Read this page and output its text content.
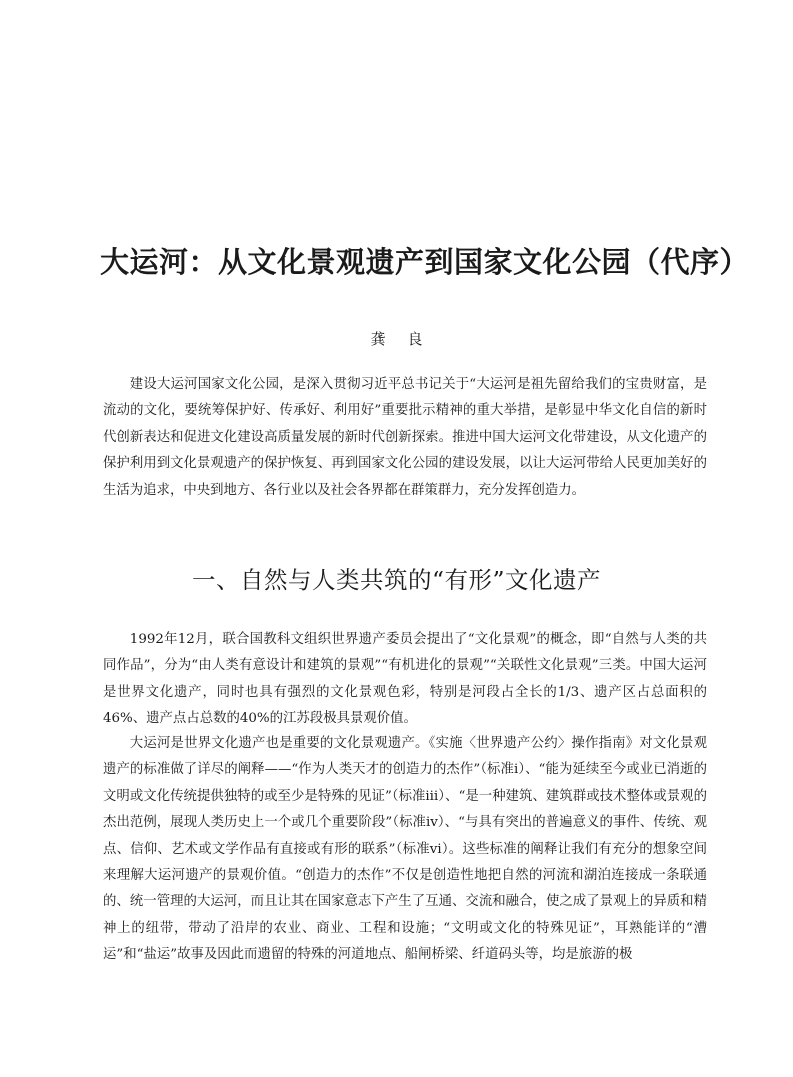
大运河：从文化景观遗产到国家文化公园（代序）
龚良

建设大运河国家文化公园，是深入贯彻习近平总书记关于“大运河是祖先留给我们的宝贵财富，是流动的文化，要统筹保护好、传承好、利用好”重要批示精神的重大举措，是彰显中华文化自信的新时代创新表达和促进文化建设高质量发展的新时代创新探索。推进中国大运河文化带建设，从文化遗产的保护利用到文化景观遗产的保护恢复、再到国家文化公园的建设发展，以让大运河带给人民更加美好的生活为追求，中央到地方、各行业以及社会各界都在群策群力，充分发挥创造力。

一、自然与人类共筑的“有形”文化遗产

1992年12月，联合国教科文组织世界遗产委员会提出了“文化景观”的概念，即“自然与人类的共同作品”，分为“由人类有意设计和建筑的景观”“有机进化的景观”“关联性文化景观”三类。中国大运河是世界文化遗产，同时也具有强烈的文化景观色彩，特别是河段占全长的1/3、遗产区占总面积的46%、遗产点占总数的40%的江苏段极具景观价值。

大运河是世界文化遗产也是重要的文化景观遗产。《实施〈世界遗产公约〉操作指南》对文化景观遗产的标准做了详尽的阐释——“作为人类天才的创造力的杰作”（标准ⅰ）、“能为延续至今或业已消逝的文明或文化传统提供独特的或至少是特殊的见证”（标准ⅲ）、“是一种建筑、建筑群或技术整体或景观的杰出范例，展现人类历史上一个或几个重要阶段”（标准ⅳ）、“与具有突出的普遍意义的事件、传统、观点、信仰、艺术或文学作品有直接或有形的联系”（标准ⅵ）。这些标准的阐释让我们有充分的想象空间来理解大运河遗产的景观价值。“创造力的杰作”不仅是创造性地把自然的河流和湖泊连接成一条联通的、统一管理的大运河，而且让其在国家意志下产生了互通、交流和融合，使之成了景观上的异质和精神上的纽带，带动了沿岸的农业、商业、工程和设施；“文明或文化的特殊见证”，耳熟能详的“漕运”和“盐运”故事及因此而遗留的特殊的河道地点、船闸桥梁、纤道码头等，均是旅游的极
